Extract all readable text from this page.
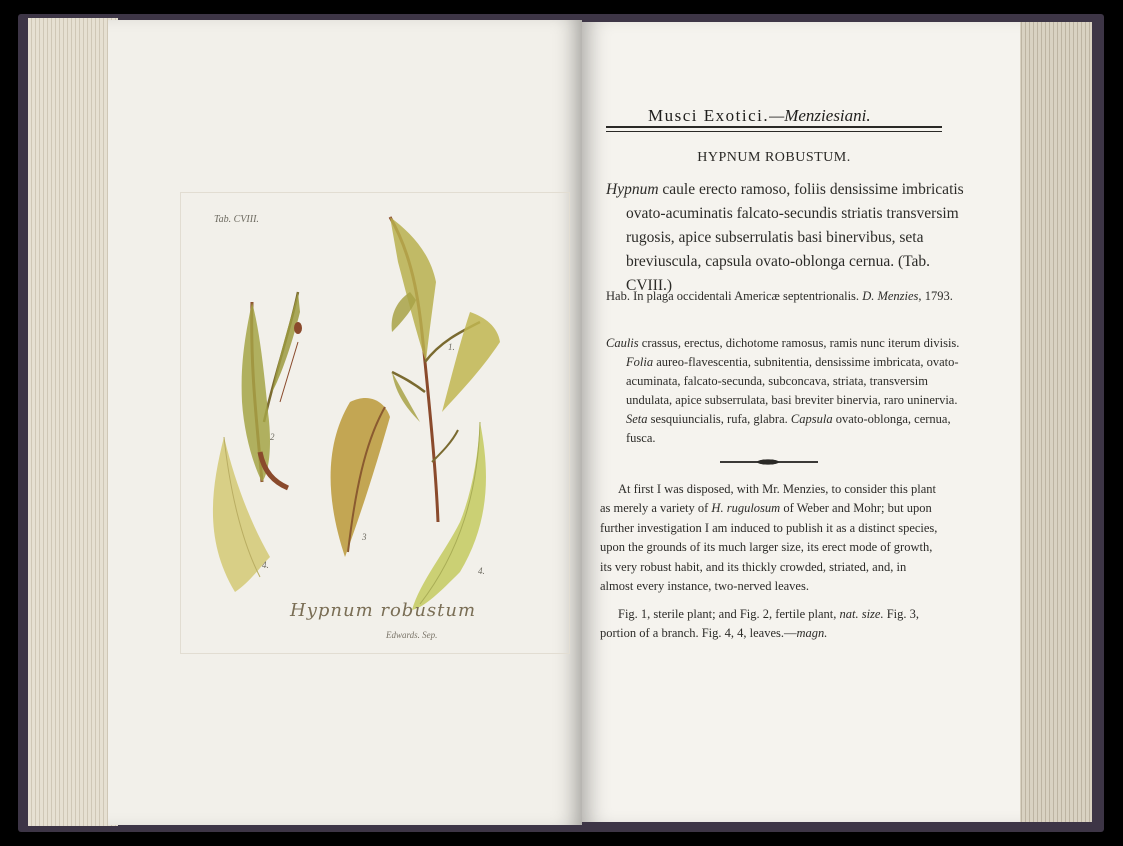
Tab. CVIII.
1.
2
3
4.
4.
Hypnum robustum
Edwards. Sep.
Musci Exotici.—Menziesiani.
HYPNUM ROBUSTUM.

Hypnum caule erecto ramoso, foliis densissime imbricatis ovato-acuminatis falcato-secundis striatis transversim rugosis, apice subserrulatis basi binervibus, seta breviuscula, capsula ovato-oblonga cernua. (Tab. CVIII.)

Hab. In plaga occidentali Americæ septentrionalis. D. Menzies, 1793.

Caulis crassus, erectus, dichotome ramosus, ramis nunc iterum divisis. Folia aureo-flavescentia, subnitentia, densissime imbricata, ovato-acuminata, falcato-secunda, subconcava, striata, transversim undulata, apice subserrulata, basi breviter binervia, raro uninervia. Seta sesquiuncialis, rufa, glabra. Capsula ovato-oblonga, cernua, fusca.

At first I was disposed, with Mr. Menzies, to consider this plant as merely a variety of H. rugulosum of Weber and Mohr; but upon further investigation I am induced to publish it as a distinct species, upon the grounds of its much larger size, its erect mode of growth, its very robust habit, and its thickly crowded, striated, and, in almost every instance, two-nerved leaves.

Fig. 1, sterile plant; and Fig. 2, fertile plant, nat. size. Fig. 3, portion of a branch. Fig. 4, 4, leaves.—magn.
